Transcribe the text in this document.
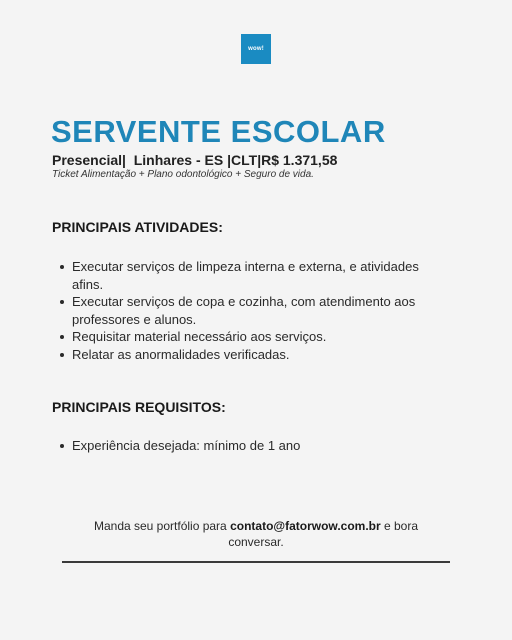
wow!
SERVENTE ESCOLAR
Presencial|  Linhares - ES |CLT|R$ 1.371,58
Ticket Alimentação + Plano odontológico + Seguro de vida.
PRINCIPAIS ATIVIDADES:
Executar serviços de limpeza interna e externa, e atividades afins.
Executar serviços de copa e cozinha, com atendimento aos professores e alunos.
Requisitar material necessário aos serviços.
Relatar as anormalidades verificadas.
PRINCIPAIS REQUISITOS:
Experiência desejada: mínimo de 1 ano
Manda seu portfólio para contato@fatorwow.com.br e bora conversar.
